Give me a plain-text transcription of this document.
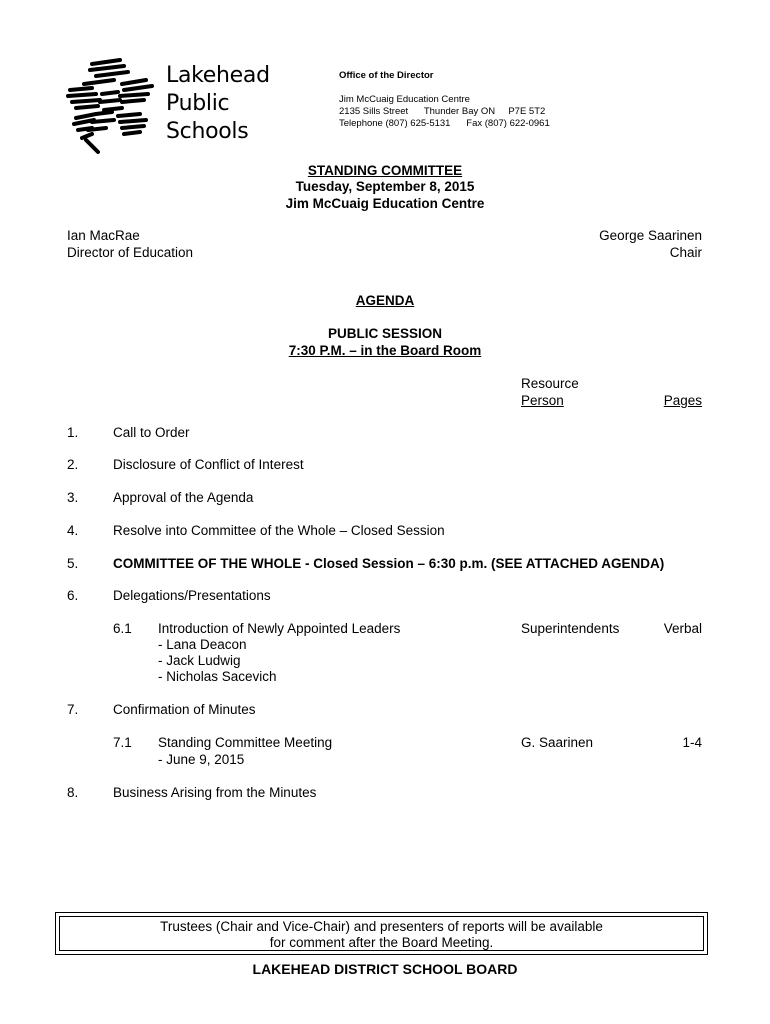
Lakehead
Public
Schools
Office of the Director
Jim McCuaig Education Centre
2135 Sills Street      Thunder Bay ON     P7E 5T2
Telephone (807) 625-5131      Fax (807) 622-0961
STANDING COMMITTEE
Tuesday, September 8, 2015
Jim McCuaig Education Centre
Ian MacRae
Director of Education
George Saarinen
Chair
AGENDA
PUBLIC SESSION
7:30 P.M. – in the Board Room
Resource
Person	Pages
1.	Call to Order
2.	Disclosure of Conflict of Interest
3.	Approval of the Agenda
4.	Resolve into Committee of the Whole – Closed Session
5.	COMMITTEE OF THE WHOLE - Closed Session – 6:30 p.m. (SEE ATTACHED AGENDA)
6.	Delegations/Presentations
6.1 Introduction of Newly Appointed Leaders
- Lana Deacon
- Jack Ludwig
- Nicholas Sacevich
Superintendents	Verbal
7.	Confirmation of Minutes
7.1 Standing Committee Meeting
- June 9, 2015
G. Saarinen	1-4
8.	Business Arising from the Minutes
Trustees (Chair and Vice-Chair) and presenters of reports will be available
for comment after the Board Meeting.
LAKEHEAD DISTRICT SCHOOL BOARD
